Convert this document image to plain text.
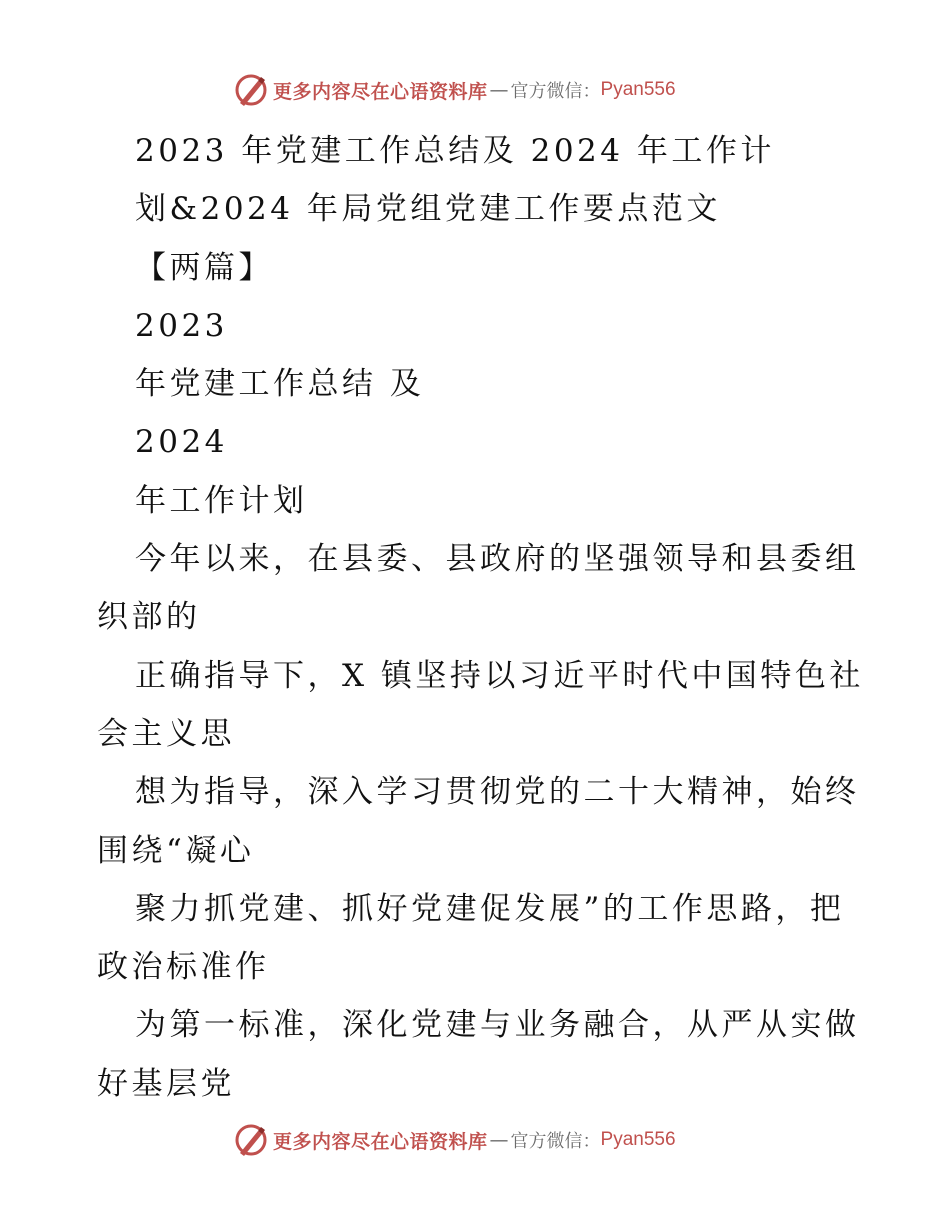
更多内容尽在心语资料库 — 官方微信： Pyan556
2023 年党建工作总结及 2024 年工作计
划&2024 年局党组党建工作要点范文
【两篇】
2023
年党建工作总结 及
2024
年工作计划
今年以来，在县委、县政府的坚强领导和县委组
织部的
正确指导下，X 镇坚持以习近平时代中国特色社
会主义思
想为指导，深入学习贯彻党的二十大精神，始终
围绕“凝心
聚力抓党建、抓好党建促发展”的工作思路，把
政治标准作
为第一标准，深化党建与业务融合，从严从实做
好基层党
更多内容尽在心语资料库 — 官方微信： Pyan556
